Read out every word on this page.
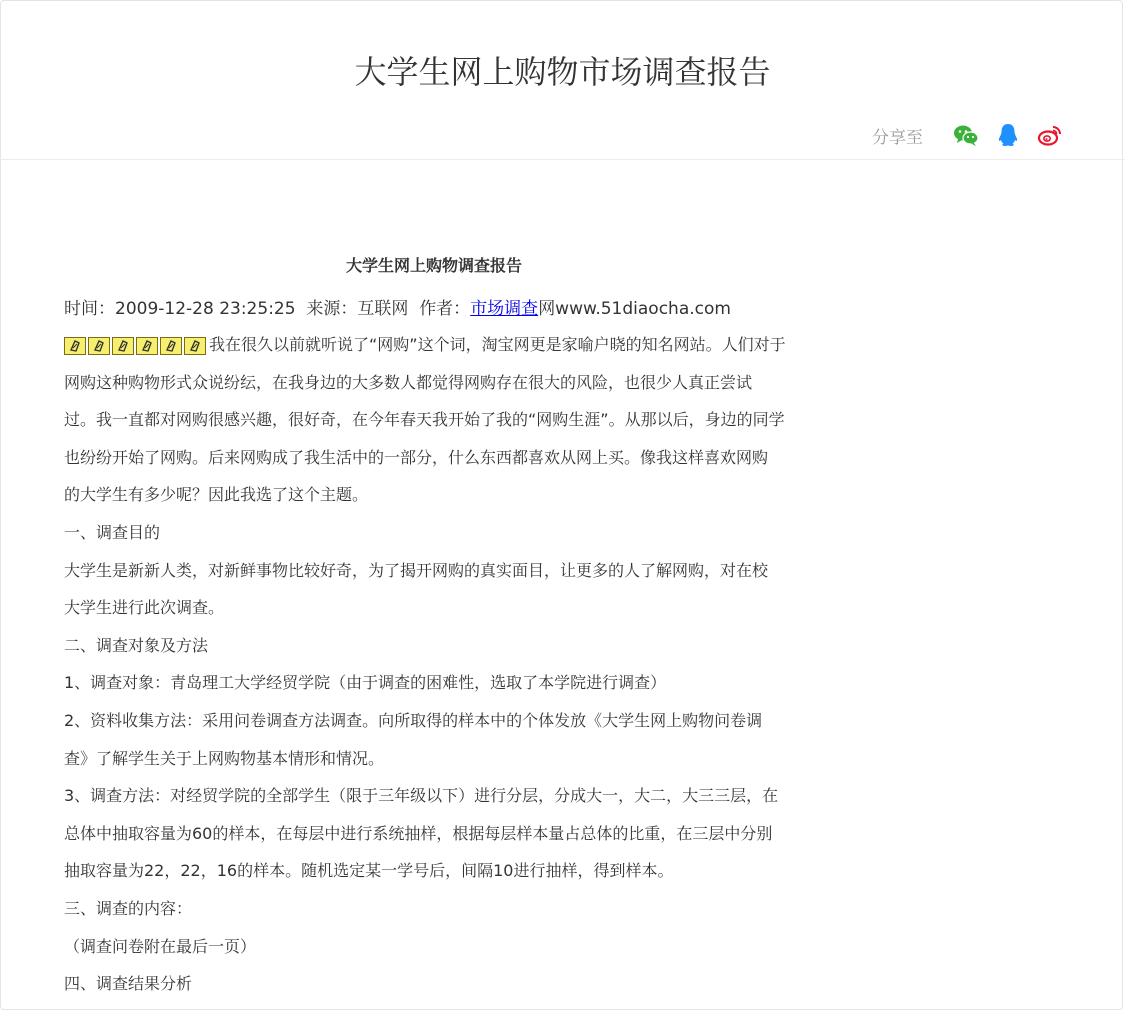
大学生网上购物市场调查报告
分享至
大学生网上购物调查报告
时间：2009-12-28 23:25:25 来源：互联网 作者：市场调查网www.51diaocha.com
我在很久以前就听说了“网购”这个词，淘宝网更是家喻户晓的知名网站。人们对于
网购这种购物形式众说纷纭，在我身边的大多数人都觉得网购存在很大的风险，也很少人真正尝试
过。我一直都对网购很感兴趣，很好奇，在今年春天我开始了我的“网购生涯”。从那以后，身边的同学
也纷纷开始了网购。后来网购成了我生活中的一部分，什么东西都喜欢从网上买。像我这样喜欢网购
的大学生有多少呢？因此我选了这个主题。
一、调查目的
大学生是新新人类，对新鲜事物比较好奇，为了揭开网购的真实面目，让更多的人了解网购，对在校
大学生进行此次调查。
二、调查对象及方法
1、调查对象：青岛理工大学经贸学院（由于调查的困难性，选取了本学院进行调查）
2、资料收集方法：采用问卷调查方法调查。向所取得的样本中的个体发放《大学生网上购物问卷调
查》了解学生关于上网购物基本情形和情况。
3、调查方法：对经贸学院的全部学生（限于三年级以下）进行分层，分成大一，大二，大三三层，在
总体中抽取容量为60的样本，在每层中进行系统抽样，根据每层样本量占总体的比重，在三层中分别
抽取容量为22，22，16的样本。随机选定某一学号后，间隔10进行抽样，得到样本。
三、调查的内容：
（调查问卷附在最后一页）
四、调查结果分析
